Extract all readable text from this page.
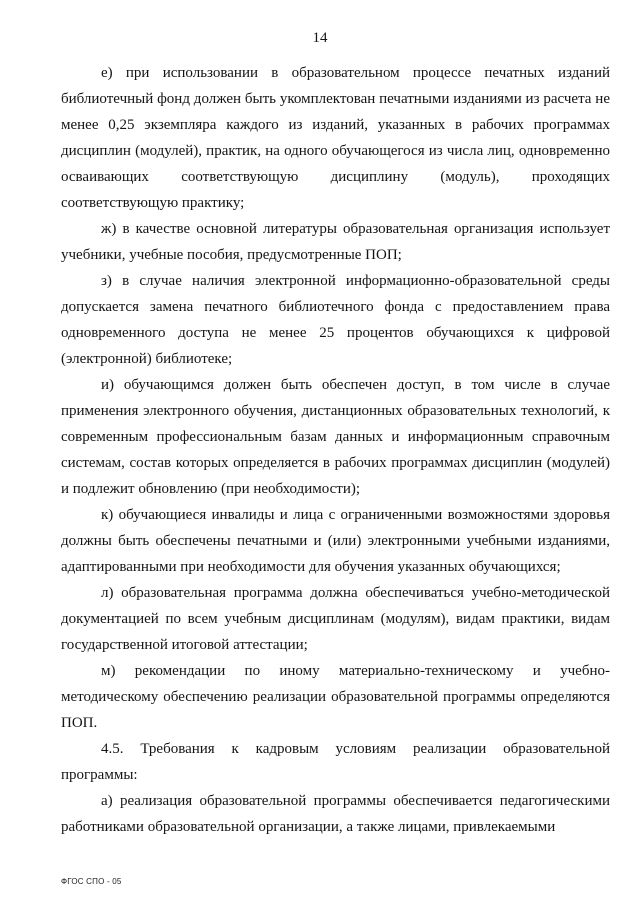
14

е) при использовании в образовательном процессе печатных изданий библиотечный фонд должен быть укомплектован печатными изданиями из расчета не менее 0,25 экземпляра каждого из изданий, указанных в рабочих программах дисциплин (модулей), практик, на одного обучающегося из числа лиц, одновременно осваивающих соответствующую дисциплину (модуль), проходящих соответствующую практику;

ж) в качестве основной литературы образовательная организация использует учебники, учебные пособия, предусмотренные ПОП;

з) в случае наличия электронной информационно-образовательной среды допускается замена печатного библиотечного фонда с предоставлением права одновременного доступа не менее 25 процентов обучающихся к цифровой (электронной) библиотеке;

и) обучающимся должен быть обеспечен доступ, в том числе в случае применения электронного обучения, дистанционных образовательных технологий, к современным профессиональным базам данных и информационным справочным системам, состав которых определяется в рабочих программах дисциплин (модулей) и подлежит обновлению (при необходимости);

к) обучающиеся инвалиды и лица с ограниченными возможностями здоровья должны быть обеспечены печатными и (или) электронными учебными изданиями, адаптированными при необходимости для обучения указанных обучающихся;

л) образовательная программа должна обеспечиваться учебно-методической документацией по всем учебным дисциплинам (модулям), видам практики, видам государственной итоговой аттестации;

м) рекомендации по иному материально-техническому и учебно-методическому обеспечению реализации образовательной программы определяются ПОП.

4.5. Требования к кадровым условиям реализации образовательной программы:

а) реализация образовательной программы обеспечивается педагогическими работниками образовательной организации, а также лицами, привлекаемыми

ФГОС СПО - 05
